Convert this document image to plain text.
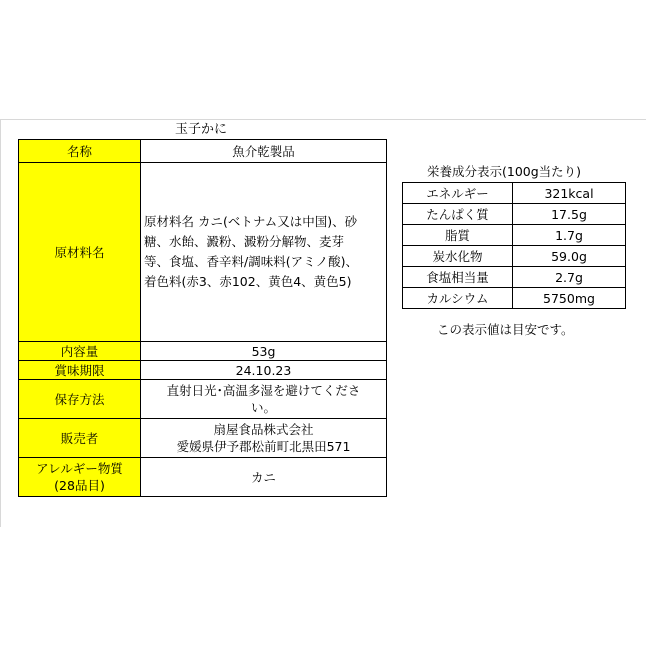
玉子かに
名称	魚介乾製品
原材料名	原材料名 カニ(ベトナム又は中国)、砂
糖、水飴、澱粉、澱粉分解物、麦芽
等、食塩、香辛料/調味料(アミノ酸)、
着色料(赤3、赤102、黄色4、黄色5)

内容量	53g
賞味期限	24.10.23
保存方法	直射日光･高温多湿を避けてくださ
い。

販売者	扇屋食品株式会社
愛媛県伊予郡松前町北黒田571

アレルギー物質
(28品目)	カニ
栄養成分表示(100g当たり)
エネルギー	321kcal
たんぱく質	17.5g
脂質	1.7g
炭水化物	59.0g
食塩相当量	2.7g
カルシウム	5750mg
この表示値は目安です。
